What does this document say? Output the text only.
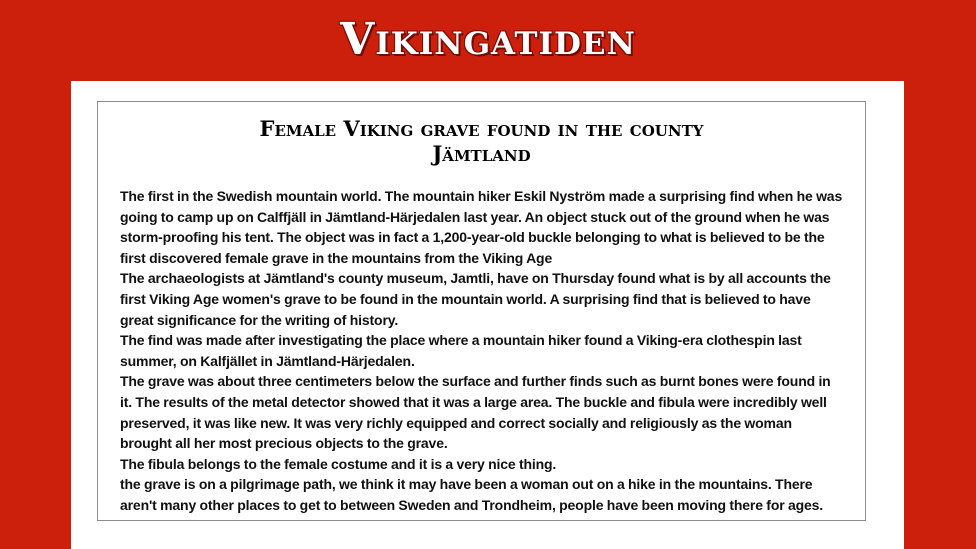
Vikingatiden
Female Viking grave found in the county
Jämtland

The first in the Swedish mountain world. The mountain hiker Eskil Nyström made a surprising find when he was going to camp up on Calffjäll in Jämtland-Härjedalen last year. An object stuck out of the ground when he was storm-proofing his tent. The object was in fact a 1,200-year-old buckle belonging to what is believed to be the first discovered female grave in the mountains from the Viking Age

The archaeologists at Jämtland's county museum, Jamtli, have on Thursday found what is by all accounts the first Viking Age women's grave to be found in the mountain world. A surprising find that is believed to have great significance for the writing of history.

The find was made after investigating the place where a mountain hiker found a Viking-era clothespin last summer, on Kalfjället in Jämtland-Härjedalen.

The grave was about three centimeters below the surface and further finds such as burnt bones were found in it. The results of the metal detector showed that it was a large area. The buckle and fibula were incredibly well preserved, it was like new. It was very richly equipped and correct socially and religiously as the woman brought all her most precious objects to the grave.

The fibula belongs to the female costume and it is a very nice thing.

the grave is on a pilgrimage path, we think it may have been a woman out on a hike in the mountains. There aren't many other places to get to between Sweden and Trondheim, people have been moving there for ages.
